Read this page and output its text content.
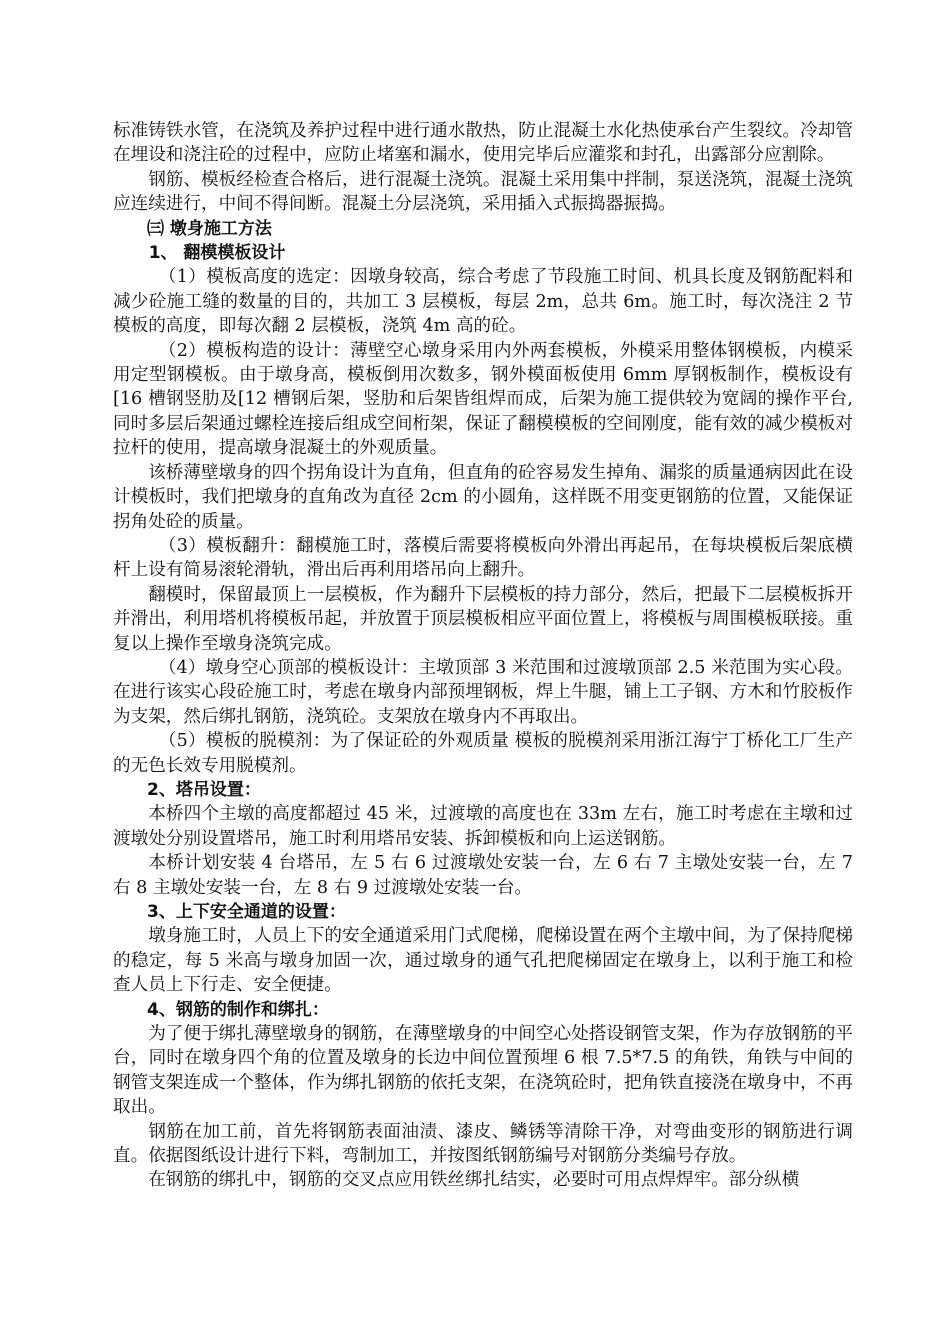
标准铸铁水管，在浇筑及养护过程中进行通水散热，防止混凝土水化热使承台产生裂纹。冷却管在埋设和浇注砼的过程中，应防止堵塞和漏水，使用完毕后应灌浆和封孔，出露部分应割除。

钢筋、模板经检查合格后，进行混凝土浇筑。混凝土采用集中拌制，泵送浇筑，混凝土浇筑应连续进行，中间不得间断。混凝土分层浇筑，采用插入式振捣器振捣。

㈢ 墩身施工方法

1、 翻模模板设计

（1）模板高度的选定：因墩身较高，综合考虑了节段施工时间、机具长度及钢筋配料和减少砼施工缝的数量的目的，共加工 3 层模板，每层 2m，总共 6m。施工时，每次浇注 2 节模板的高度，即每次翻 2 层模板，浇筑 4m 高的砼。

（2）模板构造的设计：薄壁空心墩身采用内外两套模板，外模采用整体钢模板，内模采用定型钢模板。由于墩身高，模板倒用次数多，钢外模面板使用 6mm 厚钢板制作，模板设有[16 槽钢竖肋及[12 槽钢后架，竖肋和后架皆组焊而成，后架为施工提供较为宽阔的操作平台,同时多层后架通过螺栓连接后组成空间桁架，保证了翻模模板的空间刚度，能有效的减少模板对拉杆的使用，提高墩身混凝土的外观质量。

该桥薄壁墩身的四个拐角设计为直角，但直角的砼容易发生掉角、漏浆的质量通病因此在设计模板时，我们把墩身的直角改为直径 2cm 的小圆角，这样既不用变更钢筋的位置，又能保证拐角处砼的质量。

（3）模板翻升：翻模施工时，落模后需要将模板向外滑出再起吊，在每块模板后架底横杆上设有简易滚轮滑轨，滑出后再利用塔吊向上翻升。

翻模时，保留最顶上一层模板，作为翻升下层模板的持力部分，然后，把最下二层模板拆开并滑出，利用塔机将模板吊起，并放置于顶层模板相应平面位置上，将模板与周围模板联接。重复以上操作至墩身浇筑完成。

（4）墩身空心顶部的模板设计：主墩顶部 3 米范围和过渡墩顶部 2.5 米范围为实心段。在进行该实心段砼施工时，考虑在墩身内部预埋钢板，焊上牛腿，铺上工子钢、方木和竹胶板作为支架，然后绑扎钢筋，浇筑砼。支架放在墩身内不再取出。

（5）模板的脱模剂：为了保证砼的外观质量 模板的脱模剂采用浙江海宁丁桥化工厂生产的无色长效专用脱模剂。

2、塔吊设置：

本桥四个主墩的高度都超过 45 米，过渡墩的高度也在 33m 左右，施工时考虑在主墩和过渡墩处分别设置塔吊，施工时利用塔吊安装、拆卸模板和向上运送钢筋。

本桥计划安装 4 台塔吊，左 5 右 6 过渡墩处安装一台，左 6 右 7 主墩处安装一台，左 7 右 8 主墩处安装一台，左 8 右 9 过渡墩处安装一台。

3、上下安全通道的设置：

墩身施工时，人员上下的安全通道采用门式爬梯，爬梯设置在两个主墩中间，为了保持爬梯的稳定，每 5 米高与墩身加固一次，通过墩身的通气孔把爬梯固定在墩身上，以利于施工和检查人员上下行走、安全便捷。

4、钢筋的制作和绑扎：

为了便于绑扎薄壁墩身的钢筋，在薄壁墩身的中间空心处搭设钢管支架，作为存放钢筋的平台，同时在墩身四个角的位置及墩身的长边中间位置预埋 6 根 7.5*7.5 的角铁，角铁与中间的钢管支架连成一个整体，作为绑扎钢筋的依托支架，在浇筑砼时，把角铁直接浇在墩身中，不再取出。

钢筋在加工前，首先将钢筋表面油渍、漆皮、鳞锈等清除干净，对弯曲变形的钢筋进行调直。依据图纸设计进行下料，弯制加工，并按图纸钢筋编号对钢筋分类编号存放。

在钢筋的绑扎中，钢筋的交叉点应用铁丝绑扎结实，必要时可用点焊焊牢。部分纵横
